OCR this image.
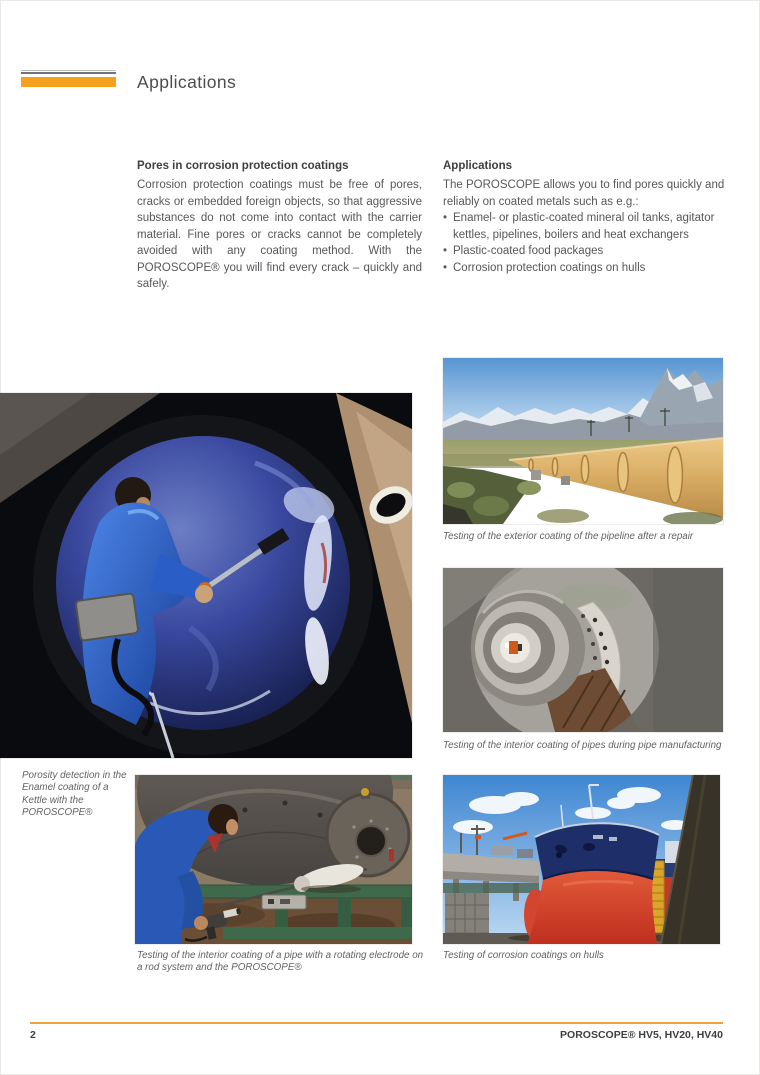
Applications
Pores in corrosion protection coatings

Corrosion protection coatings must be free of pores, cracks or embedded foreign objects, so that aggressive substances do not come into contact with the carrier material. Fine pores or cracks cannot be completely avoided with any coating method. With the POROSCOPE® you will find every crack – quickly and safely.

Applications

The POROSCOPE allows you to find pores quickly and reliably on coated metals such as e.g.:

• Enamel- or plastic-coated mineral oil tanks, agitator kettles, pipelines, boilers and heat exchangers
• Plastic-coated food packages
• Corrosion protection coatings on hulls
Porosity detection in the Enamel coating of a Kettle with the POROSCOPE®
Testing of the exterior coating of the pipeline after a repair
Testing of the interior coating of pipes during pipe manufacturing
Testing of the interior coating of a pipe with a rotating electrode on a rod system and the POROSCOPE®
Testing of corrosion coatings on hulls
2	POROSCOPE® HV5, HV20, HV40
